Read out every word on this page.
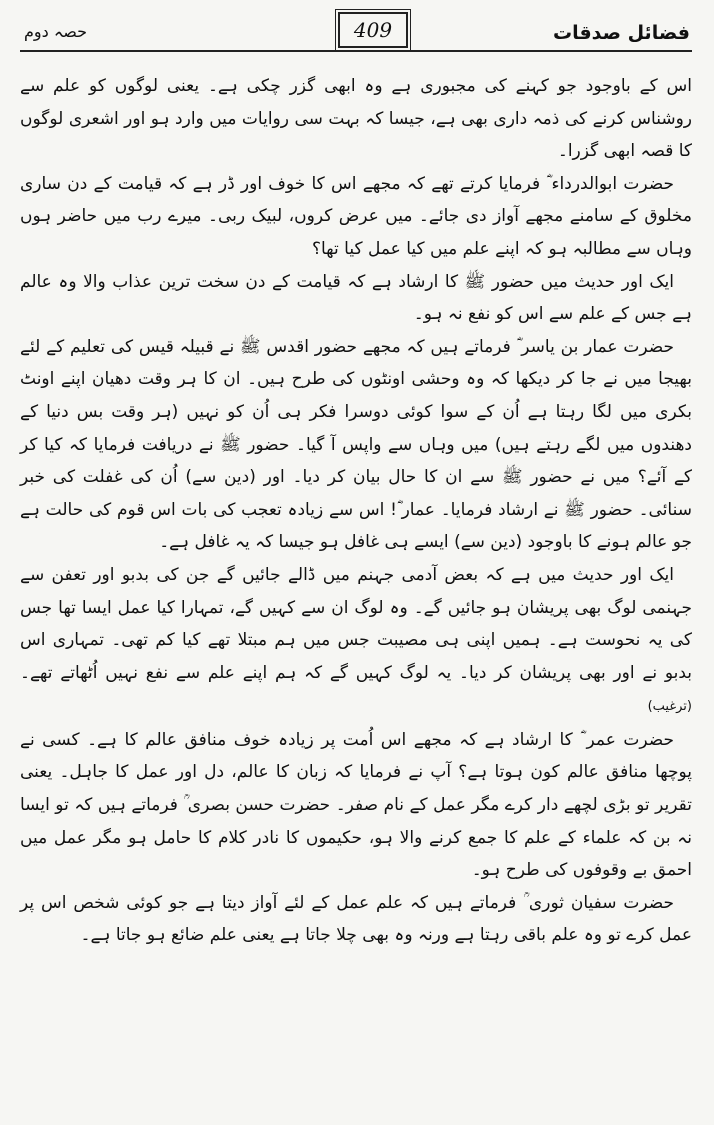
فضائل صدقات
409
حصہ دوم

اس کے باوجود جو کہنے کی مجبوری ہے وہ ابھی گزر چکی ہے۔ یعنی لوگوں کو علم سے روشناس کرنے کی ذمہ داری بھی ہے، جیسا کہ بہت سی روایات میں وارد ہو اور اشعری لوگوں کا قصہ ابھی گزرا۔

حضرت ابوالدرداء ؓ فرمایا کرتے تھے کہ مجھے اس کا خوف اور ڈر ہے کہ قیامت کے دن ساری مخلوق کے سامنے مجھے آواز دی جائے۔ میں عرض کروں، لبیک ربی۔ میرے رب میں حاضر ہوں وہاں سے مطالبہ ہو کہ اپنے علم میں کیا عمل کیا تھا؟

ایک اور حدیث میں حضور ﷺ کا ارشاد ہے کہ قیامت کے دن سخت ترین عذاب والا وہ عالم ہے جس کے علم سے اس کو نفع نہ ہو۔

حضرت عمار بن یاسر ؓ فرماتے ہیں کہ مجھے حضور اقدس ﷺ نے قبیلہ قیس کی تعلیم کے لئے بھیجا میں نے جا کر دیکھا کہ وہ وحشی اونٹوں کی طرح ہیں۔ ان کا ہر وقت دھیان اپنے اونٹ بکری میں لگا رہتا ہے اُن کے سوا کوئی دوسرا فکر ہی اُن کو نہیں (ہر وقت بس دنیا کے دھندوں میں لگے رہتے ہیں) میں وہاں سے واپس آ گیا۔ حضور ﷺ نے دریافت فرمایا کہ کیا کر کے آئے؟ میں نے حضور ﷺ سے ان کا حال بیان کر دیا۔ اور (دین سے) اُن کی غفلت کی خبر سنائی۔ حضور ﷺ نے ارشاد فرمایا۔ عمار ؓ! اس سے زیادہ تعجب کی بات اس قوم کی حالت ہے جو عالم ہونے کا باوجود (دین سے) ایسے ہی غافل ہو جیسا کہ یہ غافل ہے۔

ایک اور حدیث میں ہے کہ بعض آدمی جہنم میں ڈالے جائیں گے جن کی بدبو اور تعفن سے جہنمی لوگ بھی پریشان ہو جائیں گے۔ وہ لوگ ان سے کہیں گے، تمہارا کیا عمل ایسا تھا جس کی یہ نحوست ہے۔ ہمیں اپنی ہی مصیبت جس میں ہم مبتلا تھے کیا کم تھی۔ تمہاری اس بدبو نے اور بھی پریشان کر دیا۔ یہ لوگ کہیں گے کہ ہم اپنے علم سے نفع نہیں اُٹھاتے تھے۔ (ترغیب)

حضرت عمر ؓ کا ارشاد ہے کہ مجھے اس اُمت پر زیادہ خوف منافق عالم کا ہے۔ کسی نے پوچھا منافق عالم کون ہوتا ہے؟ آپ نے فرمایا کہ زبان کا عالم، دل اور عمل کا جاہل۔ یعنی تقریر تو بڑی لچھے دار کرے مگر عمل کے نام صفر۔ حضرت حسن بصری ؒ فرماتے ہیں کہ تو ایسا نہ بن کہ علماء کے علم کا جمع کرنے والا ہو، حکیموں کا نادر کلام کا حامل ہو مگر عمل میں احمق بے وقوفوں کی طرح ہو۔

حضرت سفیان ثوری ؒ فرماتے ہیں کہ علم عمل کے لئے آواز دیتا ہے جو کوئی شخص اس پر عمل کرے تو وہ علم باقی رہتا ہے ورنہ وہ بھی چلا جاتا ہے یعنی علم ضائع ہو جاتا ہے۔
